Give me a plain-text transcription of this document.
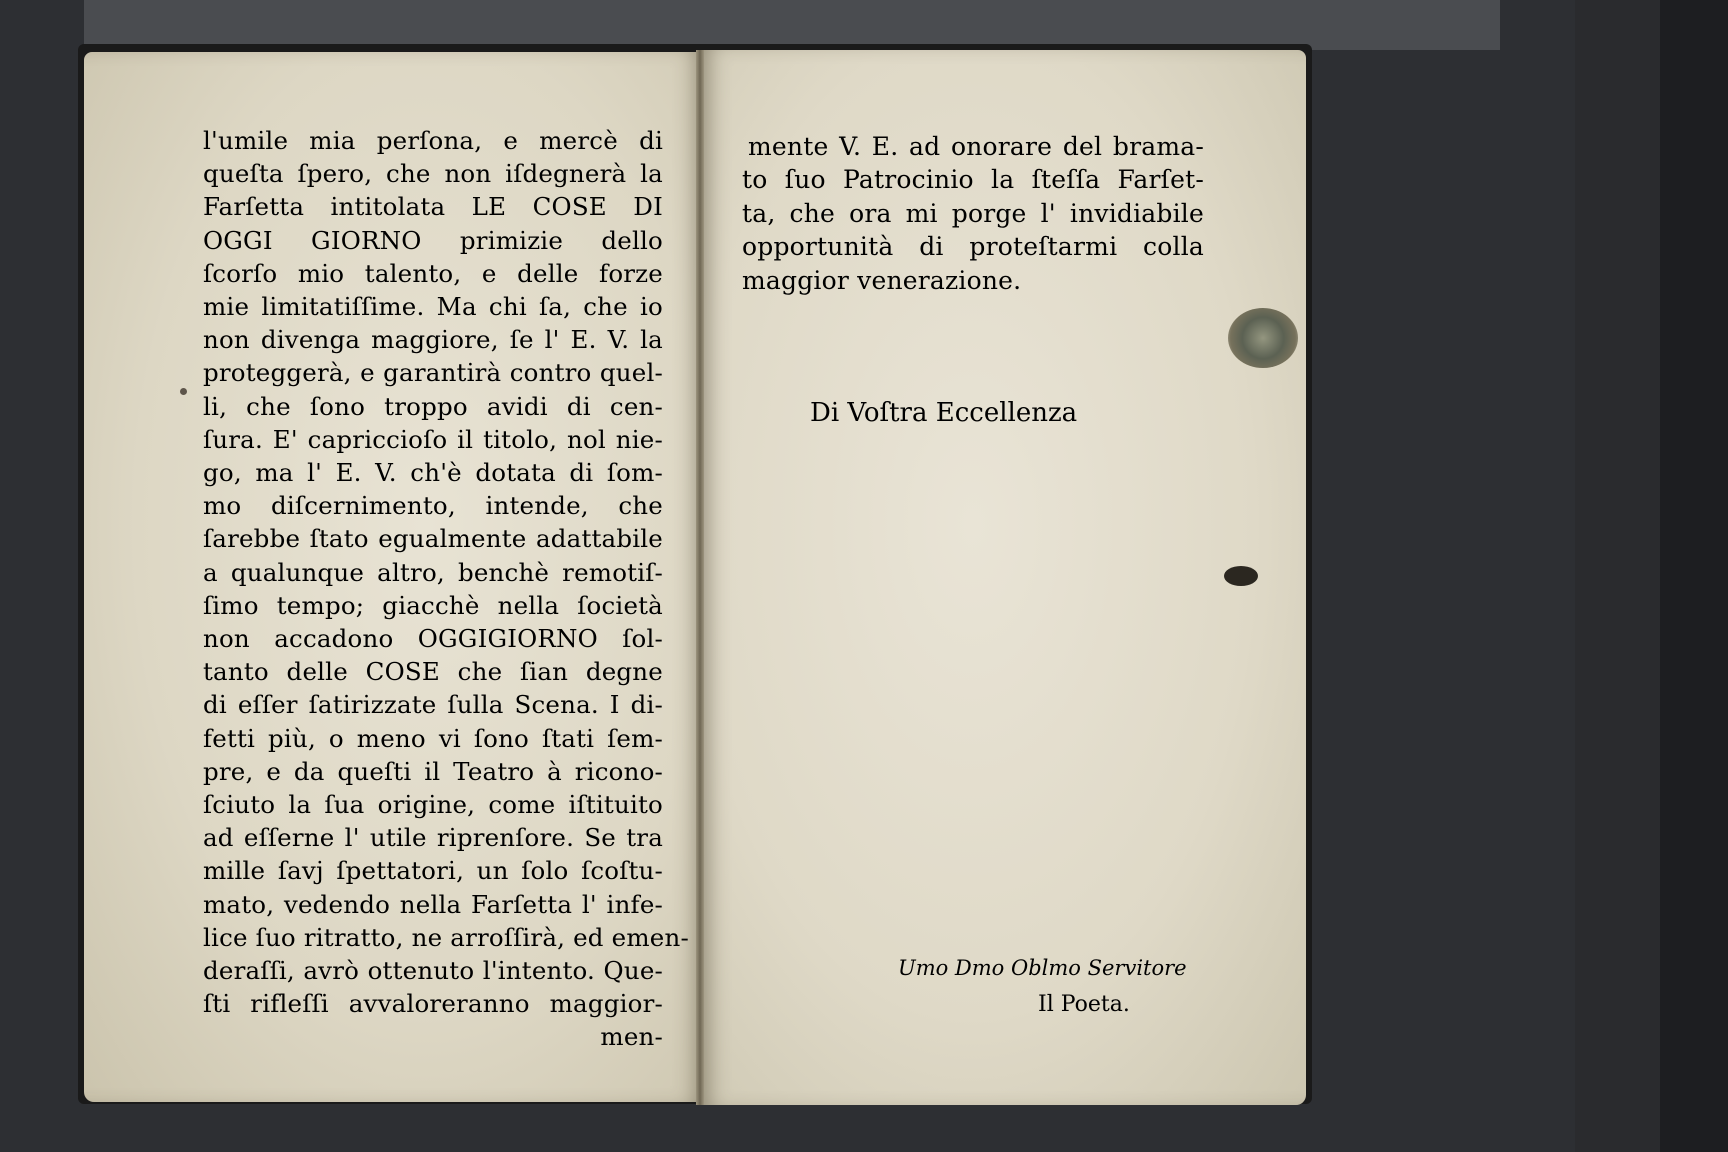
l'umile mia perſona, e mercè di
queſta ſpero, che non iſdegnerà la
Farſetta intitolata LE COSE DI
OGGI GIORNO primizie dello
ſcorſo mio talento, e delle forze
mie limitatiſſime. Ma chi ſa, che io
non divenga maggiore, ſe l' E. V. la
proteggerà, e garantirà contro quel-
li, che ſono troppo avidi di cen-
ſura. E' capriccioſo il titolo, nol nie-
go, ma l' E. V. ch'è dotata di ſom-
mo diſcernimento, intende, che
ſarebbe ſtato egualmente adattabile
a qualunque altro, benchè remotiſ-
ſimo tempo; giacchè nella ſocietà
non accadono OGGIGIORNO ſol-
tanto delle COSE che ſian degne
di eſſer ſatirizzate ſulla Scena. I di-
fetti più, o meno vi ſono ſtati ſem-
pre, e da queſti il Teatro à ricono-
ſciuto la ſua origine, come iſtituito
ad eſſerne l' utile riprenſore. Se tra
mille ſavj ſpettatori, un ſolo ſcoſtu-
mato, vedendo nella Farſetta l' infe-
lice ſuo ritratto, ne arroſſirà, ed emen-
deraſſi, avrò ottenuto l'intento. Que-
ſti rifleſſi avvaloreranno maggior-
men-
mente V. E. ad onorare del brama-
to ſuo Patrocinio la ſteſſa Farſet-
ta, che ora mi porge l' invidiabile
opportunità di proteſtarmi colla
maggior venerazione.
Di Voſtra Eccellenza
Umo Dmo Oblmo Servitore
Il Poeta.
